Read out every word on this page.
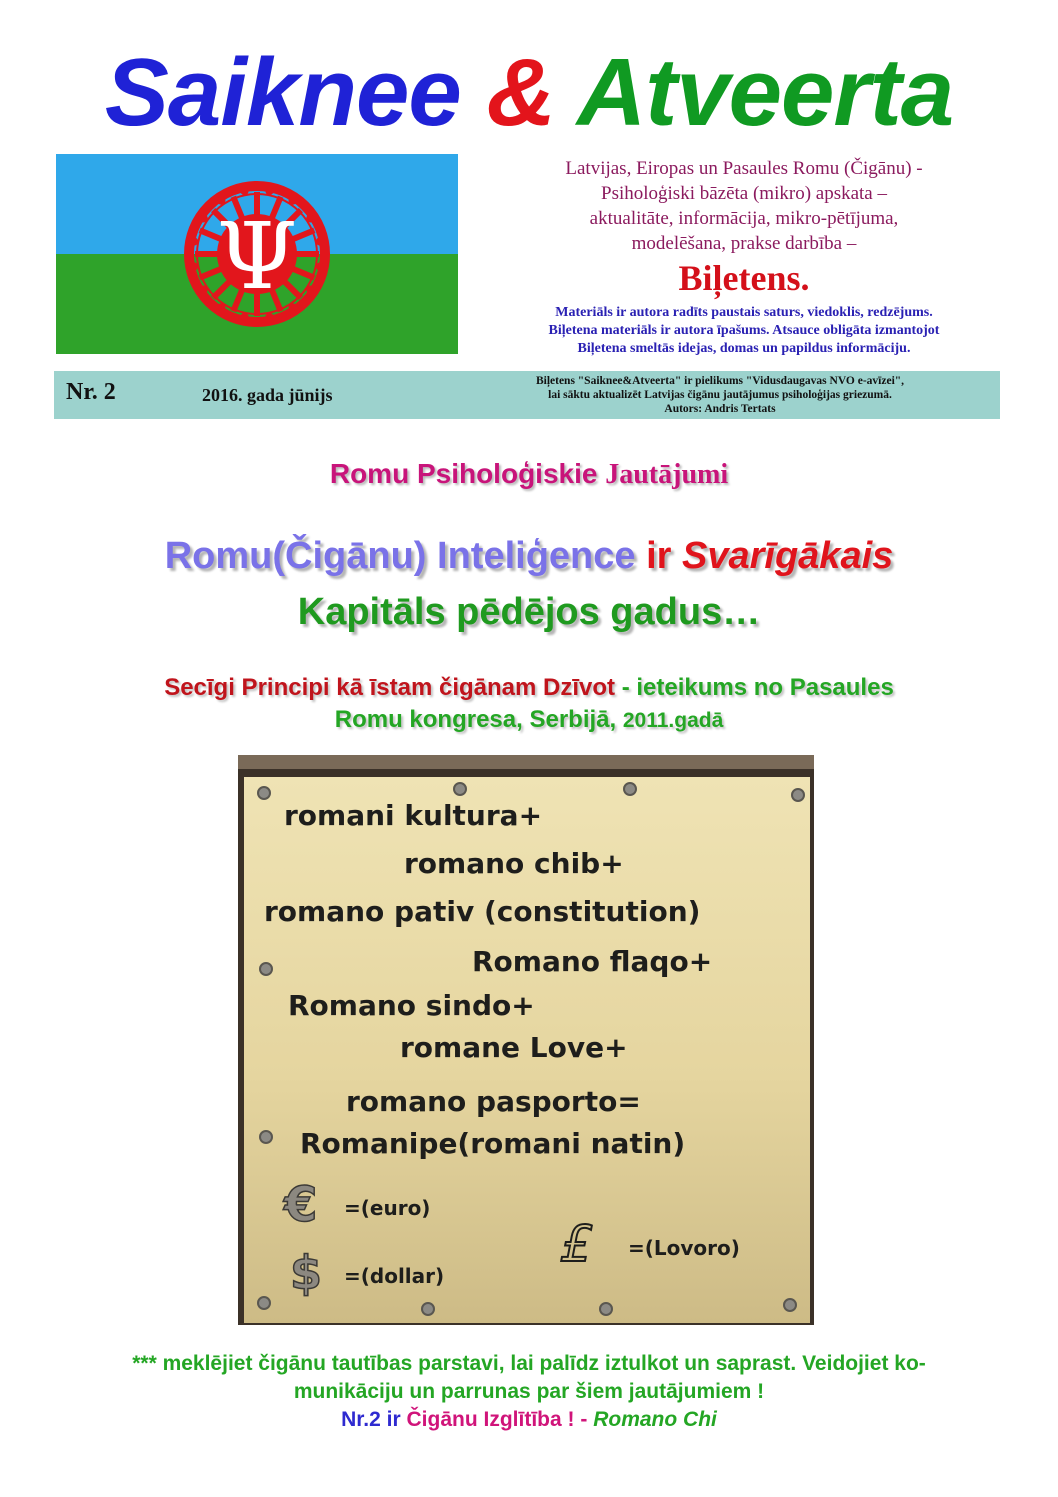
Saiknee & Atveerta
Ψ
Latvijas, Eiropas un Pasaules Romu (Čigānu) -
Psiholoģiski bāzēta (mikro) apskata –
aktualitāte, informācija, mikro-pētījuma,
modelēšana, prakse darbība –
Biļetens.
Materiāls ir autora radīts paustais saturs, viedoklis, redzējums.
Biļetena materiāls ir autora īpašums. Atsauce obligāta izmantojot
Biļetena smeltās idejas, domas un papildus informāciju.
Nr. 2	2016. gada jūnijs
Biļetens "Saiknee&Atveerta" ir pielikums "Vidusdaugavas NVO e-avīzei",
lai sāktu aktualizēt Latvijas čigānu jautājumus psiholoģijas griezumā.
Autors: Andris Tertats
Romu Psiholoģiskie Jautājumi
Romu(Čigānu) Inteliģence ir Svarīgākais
Kapitāls pēdējos gadus…
Secīgi Principi kā īstam čigānam Dzīvot - ieteikums no Pasaules
Romu kongresa, Serbijā, 2011.gadā
romani kultura+
romano chib+
romano pativ (constitution)
Romano flaqo+
Romano sindo+
romane Love+
romano pasporto=
Romanipe(romani natin)
€ =(euro)
$ =(dollar)
£ =(Lovoro)
*** meklējiet čigānu tautības parstavi, lai palīdz iztulkot un saprast. Veidojiet ko-
munikāciju un parrunas par šiem jautājumiem !
Nr.2 ir Čigānu Izglītība ! - Romano Chi
